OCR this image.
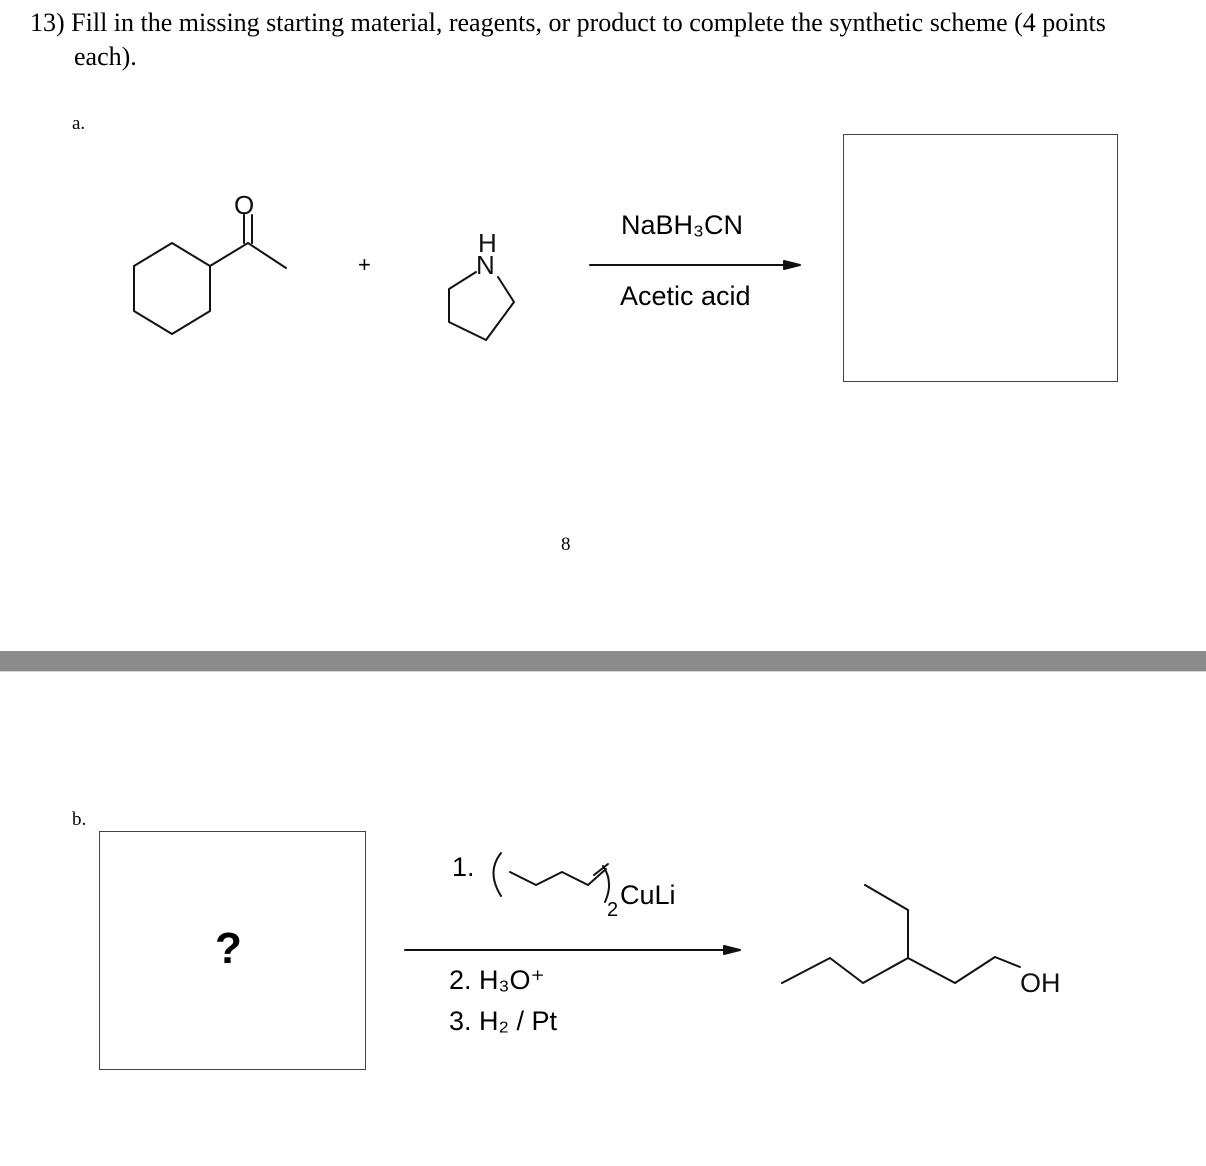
13) Fill in the missing starting material, reagents, or product to complete the synthetic scheme (4 points
each).
a.
O
H
N
+
NaBH₃CN
Acetic acid
8
b.
?
1.
2 CuLi
OH
2. H₃O⁺
3. H₂ / Pt
